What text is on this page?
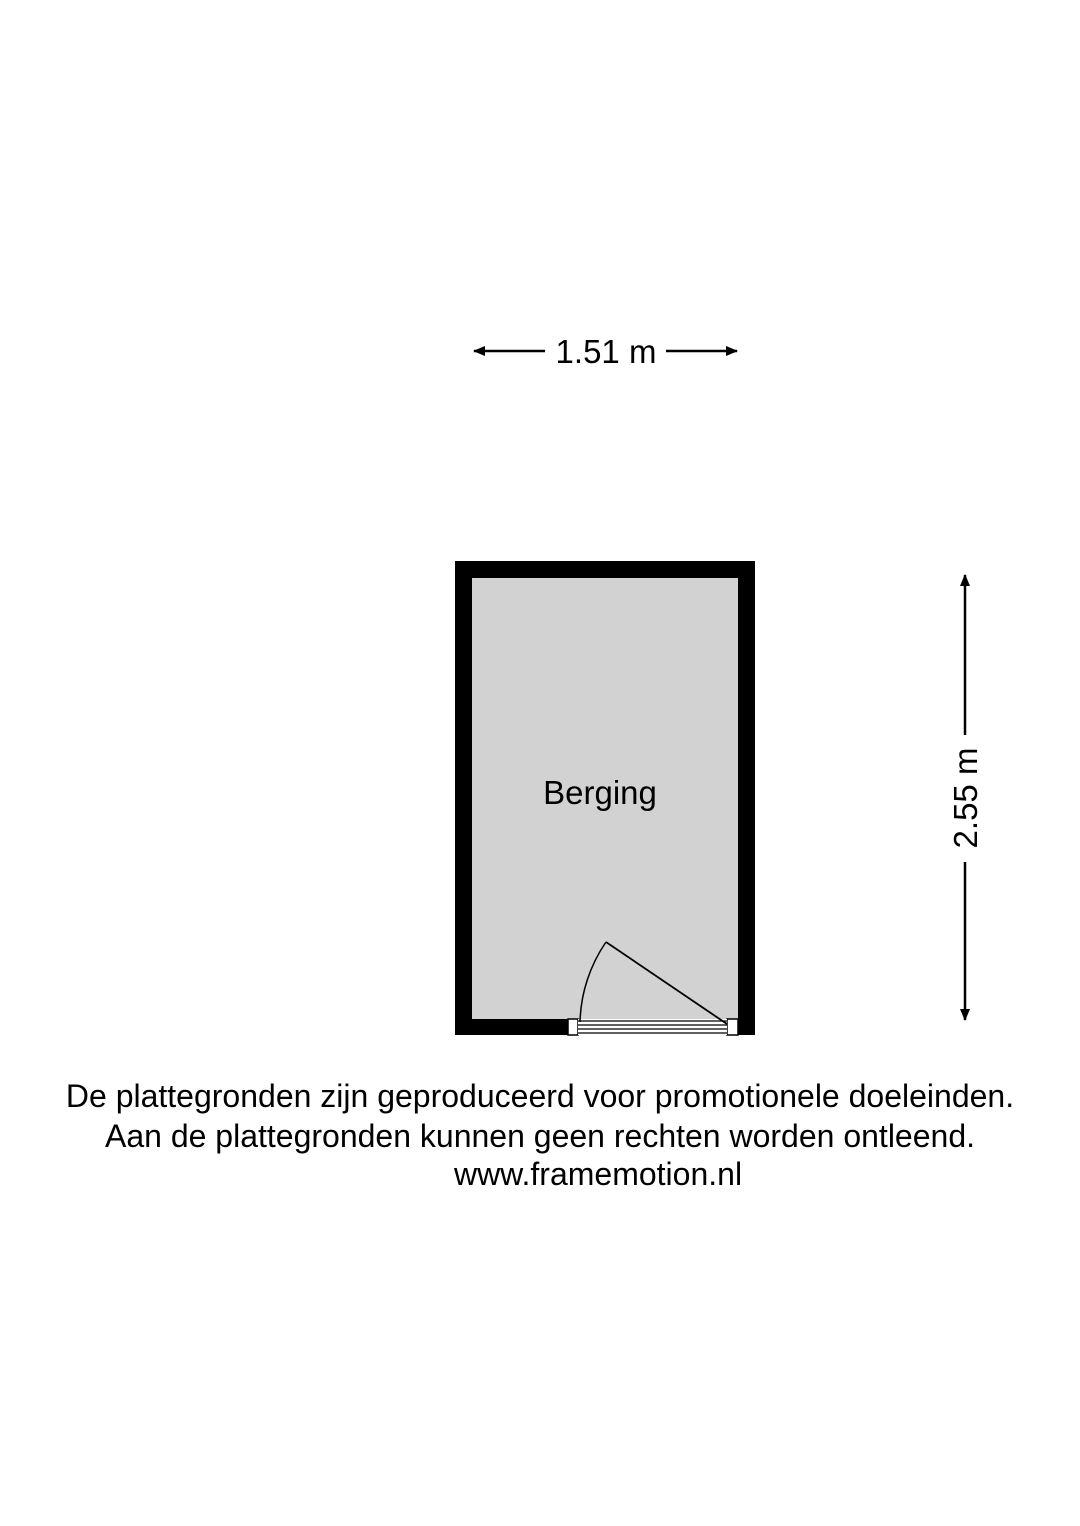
1.51 m
2.55 m
Berging
De plattegronden zijn geproduceerd voor promotionele doeleinden.
Aan de plattegronden kunnen geen rechten worden ontleend.
www.framemotion.nl
